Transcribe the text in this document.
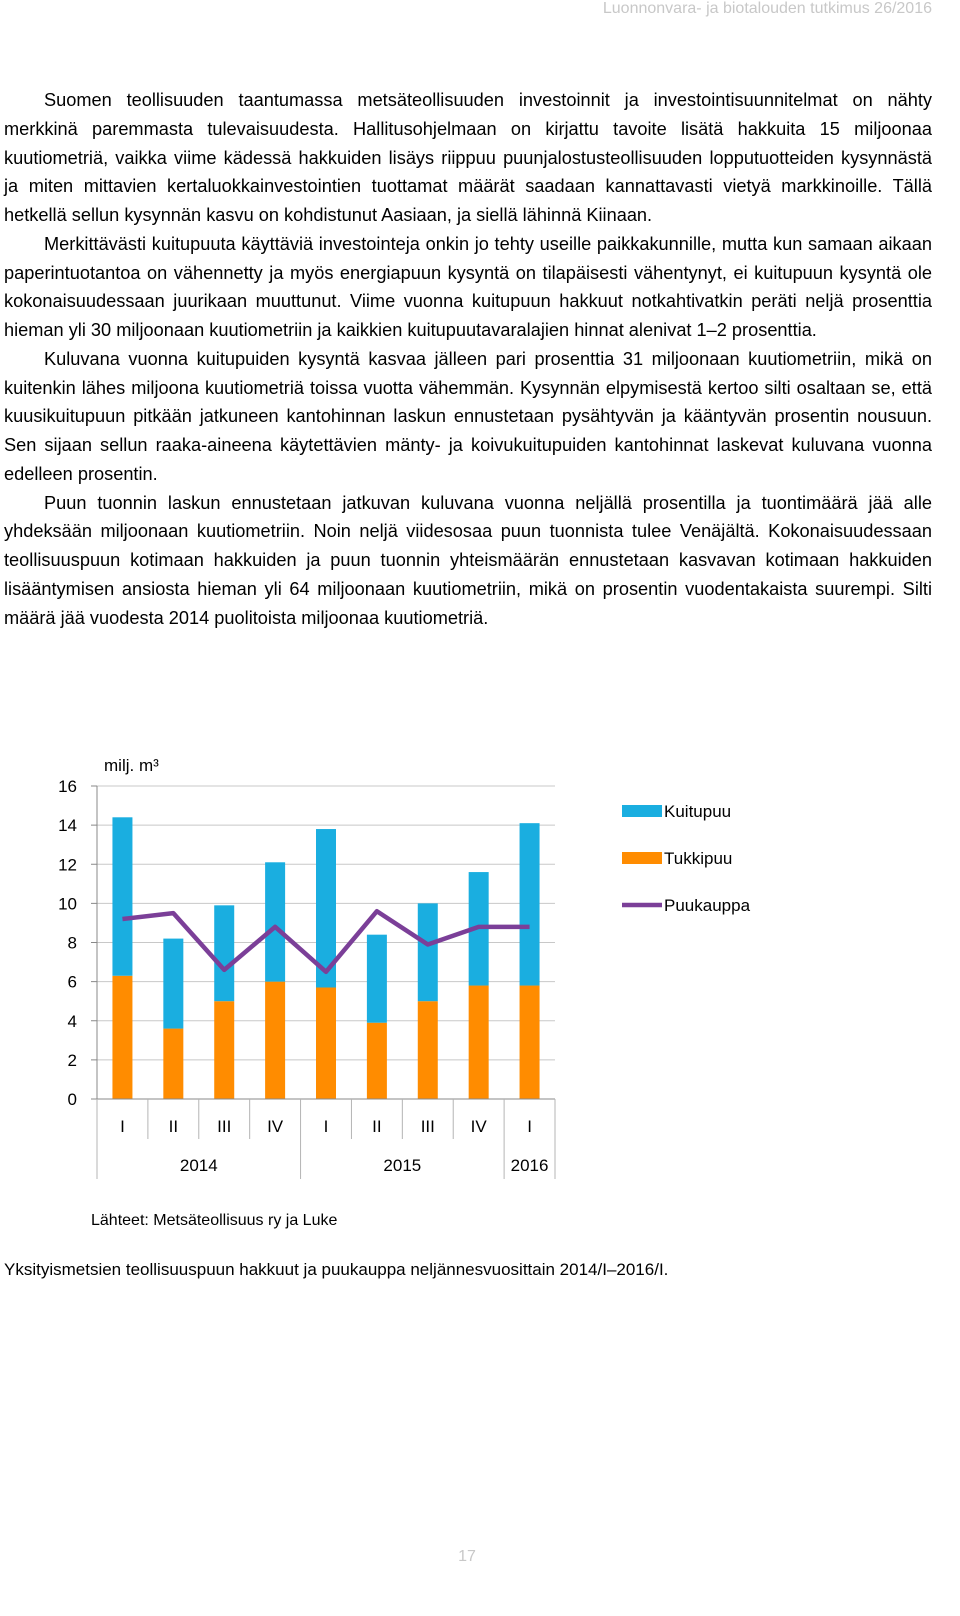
Luonnonvara- ja biotalouden tutkimus 26/2016

Suomen teollisuuden taantumassa metsäteollisuuden investoinnit ja investointisuunnitelmat on nähty merkkinä paremmasta tulevaisuudesta. Hallitusohjelmaan on kirjattu tavoite lisätä hakkuita 15 miljoonaa kuutiometriä, vaikka viime kädessä hakkuiden lisäys riippuu puunjalostusteollisuuden lopputuotteiden kysynnästä ja miten mittavien kertaluokkainvestointien tuottamat määrät saadaan kannattavasti vietyä markkinoille. Tällä hetkellä sellun kysynnän kasvu on kohdistunut Aasiaan, ja siellä lähinnä Kiinaan.

Merkittävästi kuitupuuta käyttäviä investointeja onkin jo tehty useille paikkakunnille, mutta kun samaan aikaan paperintuotantoa on vähennetty ja myös energiapuun kysyntä on tilapäisesti vähentynyt, ei kuitupuun kysyntä ole kokonaisuudessaan juurikaan muuttunut. Viime vuonna kuitupuun hakkuut notkahtivatkin peräti neljä prosenttia hieman yli 30 miljoonaan kuutiometriin ja kaikkien kuitupuutavaralajien hinnat alenivat 1–2 prosenttia.

Kuluvana vuonna kuitupuiden kysyntä kasvaa jälleen pari prosenttia 31 miljoonaan kuutiometriin, mikä on kuitenkin lähes miljoona kuutiometriä toissa vuotta vähemmän. Kysynnän elpymisestä kertoo silti osaltaan se, että kuusikuitupuun pitkään jatkuneen kantohinnan laskun ennustetaan pysähtyvän ja kääntyvän prosentin nousuun. Sen sijaan sellun raaka-aineena käytettävien mänty- ja koivukuitupuiden kantohinnat laskevat kuluvana vuonna edelleen prosentin.

Puun tuonnin laskun ennustetaan jatkuvan kuluvana vuonna neljällä prosentilla ja tuontimäärä jää alle yhdeksään miljoonaan kuutiometriin. Noin neljä viidesosaa puun tuonnista tulee Venäjältä. Kokonaisuudessaan teollisuuspuun kotimaan hakkuiden ja puun tuonnin yhteismäärän ennustetaan kasvavan kotimaan hakkuiden lisääntymisen ansiosta hieman yli 64 miljoonaan kuutiometriin, mikä on prosentin vuodentakaista suurempi. Silti määrä jää vuodesta 2014 puolitoista miljoonaa kuutiometriä.

0
2
4
6
8
10
12
14
16
milj. m³
I	II III IV I	II III IV I
2014	2015	2016
Kuitupuu
Tukkipuu
Puukauppa
Lähteet: Metsäteollisuus ry ja Luke
Yksityismetsien teollisuuspuun hakkuut ja puukauppa neljännesvuosittain 2014/I–2016/I.
17
